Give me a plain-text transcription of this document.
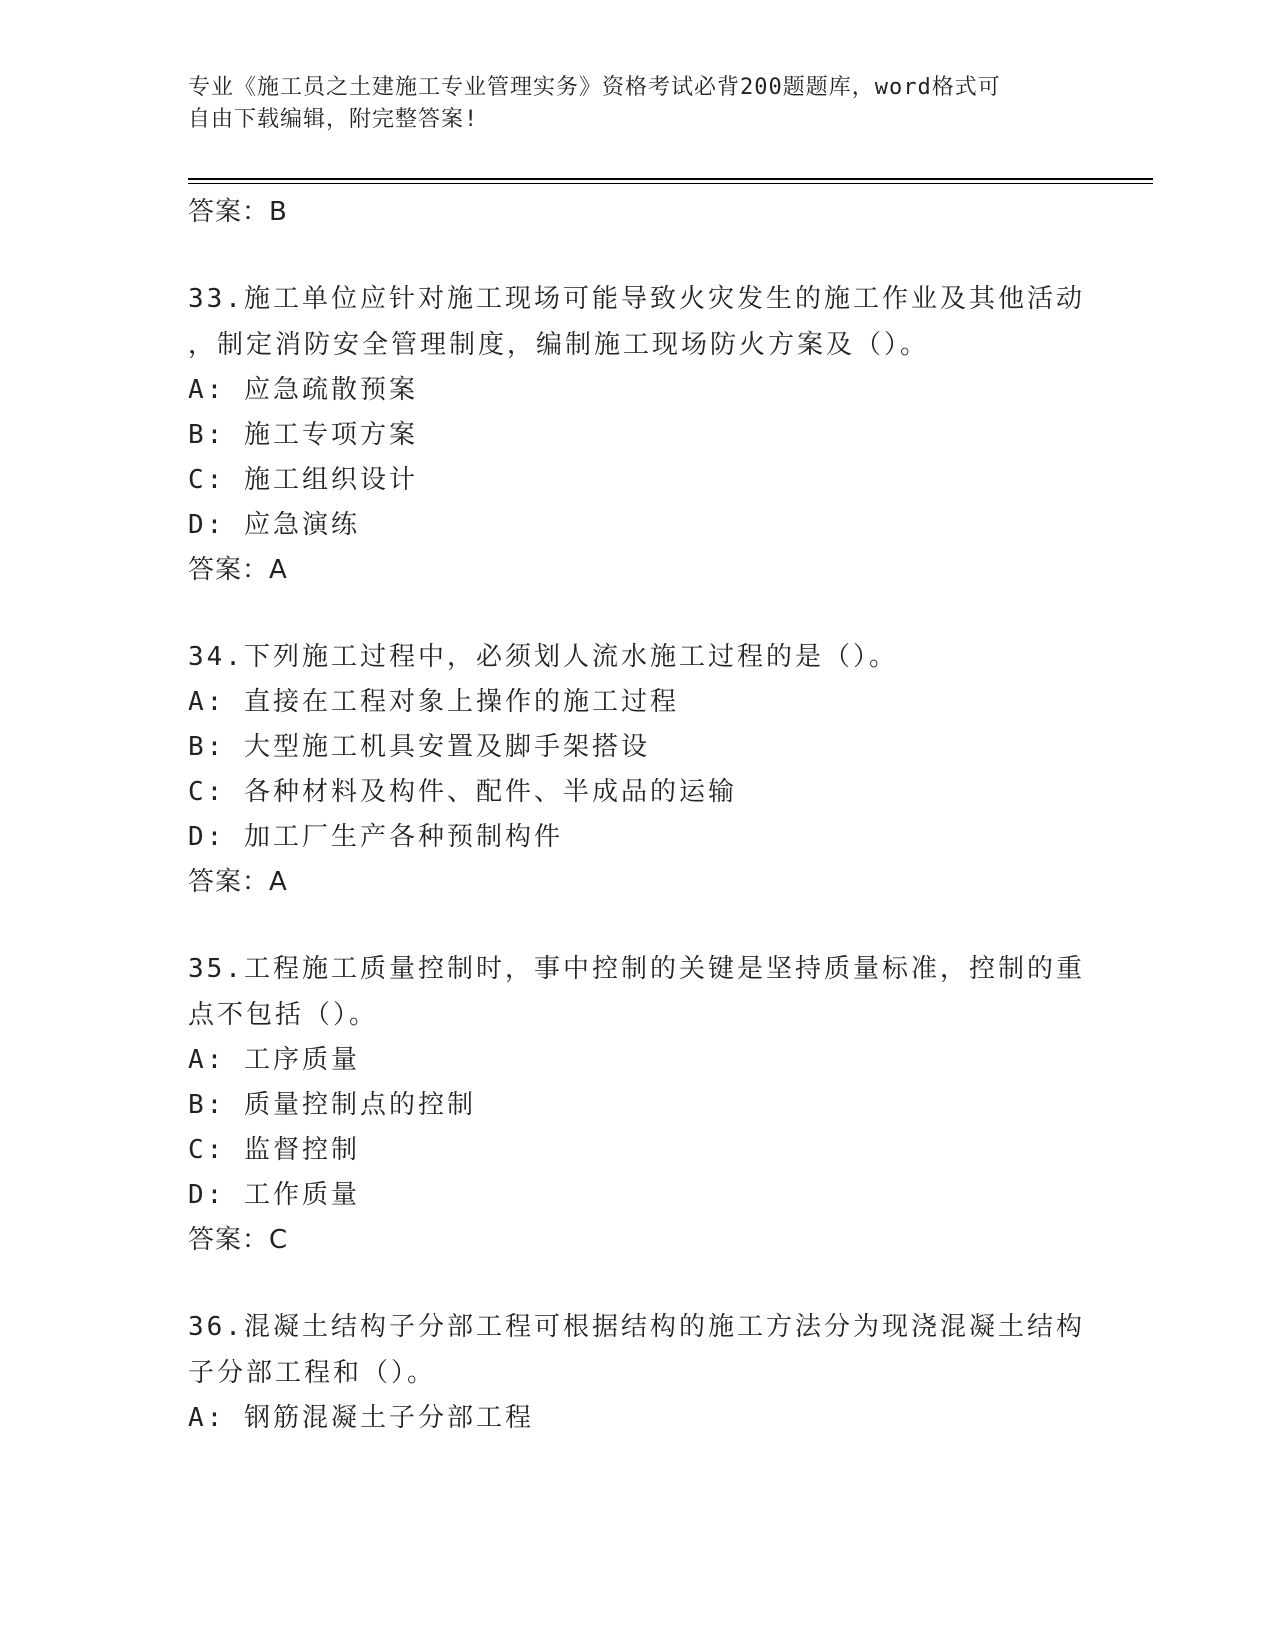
专业《施工员之土建施工专业管理实务》资格考试必背200题题库，word格式可
自由下载编辑，附完整答案!

答案：B

33.施工单位应针对施工现场可能导致火灾发生的施工作业及其他活动

，制定消防安全管理制度，编制施工现场防火方案及（）。

A: 应急疏散预案

B: 施工专项方案

C: 施工组织设计

D: 应急演练

答案：A

34.下列施工过程中，必须划人流水施工过程的是（）。

A: 直接在工程对象上操作的施工过程

B: 大型施工机具安置及脚手架搭设

C: 各种材料及构件、配件、半成品的运输

D: 加工厂生产各种预制构件

答案：A

35.工程施工质量控制时，事中控制的关键是坚持质量标准，控制的重

点不包括（）。

A: 工序质量

B: 质量控制点的控制

C: 监督控制

D: 工作质量

答案：C

36.混凝土结构子分部工程可根据结构的施工方法分为现浇混凝土结构

子分部工程和（）。

A: 钢筋混凝土子分部工程
